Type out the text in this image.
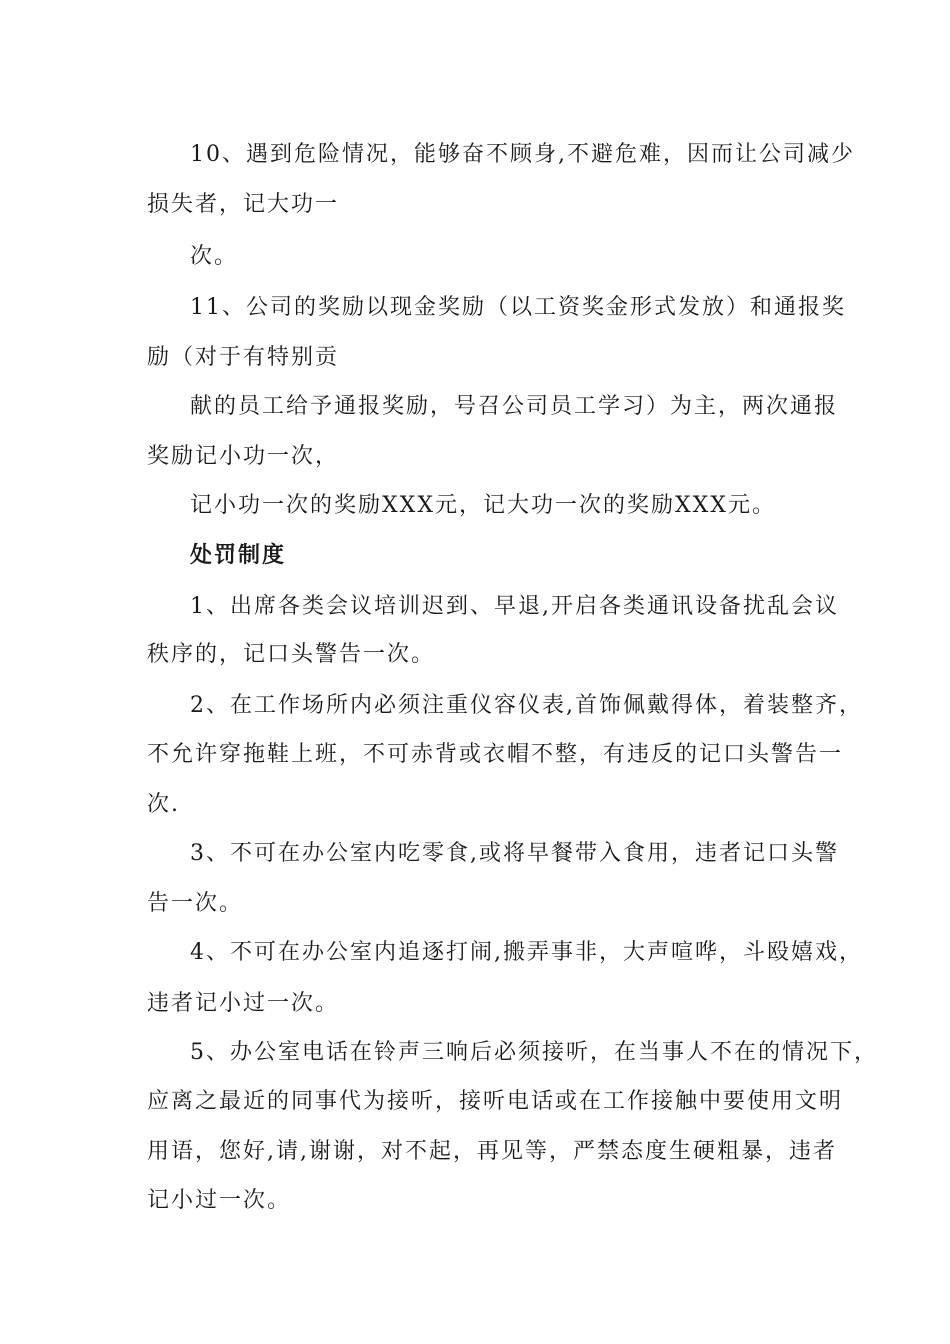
10、遇到危险情况，能够奋不顾身,不避危难，因而让公司减少
损失者，记大功一
次。
11、公司的奖励以现金奖励（以工资奖金形式发放）和通报奖
励（对于有特别贡
献的员工给予通报奖励，号召公司员工学习）为主，两次通报
奖励记小功一次，
记小功一次的奖励XXX元，记大功一次的奖励XXX元。
处罚制度
1、出席各类会议培训迟到、早退,开启各类通讯设备扰乱会议
秩序的，记口头警告一次。
2、在工作场所内必须注重仪容仪表,首饰佩戴得体，着装整齐，
不允许穿拖鞋上班，不可赤背或衣帽不整，有违反的记口头警告一
次.
3、不可在办公室内吃零食,或将早餐带入食用，违者记口头警
告一次。
4、不可在办公室内追逐打闹,搬弄事非，大声喧哗，斗殴嬉戏，
违者记小过一次。
5、办公室电话在铃声三响后必须接听，在当事人不在的情况下，
应离之最近的同事代为接听，接听电话或在工作接触中要使用文明
用语，您好,请,谢谢，对不起，再见等，严禁态度生硬粗暴，违者
记小过一次。
